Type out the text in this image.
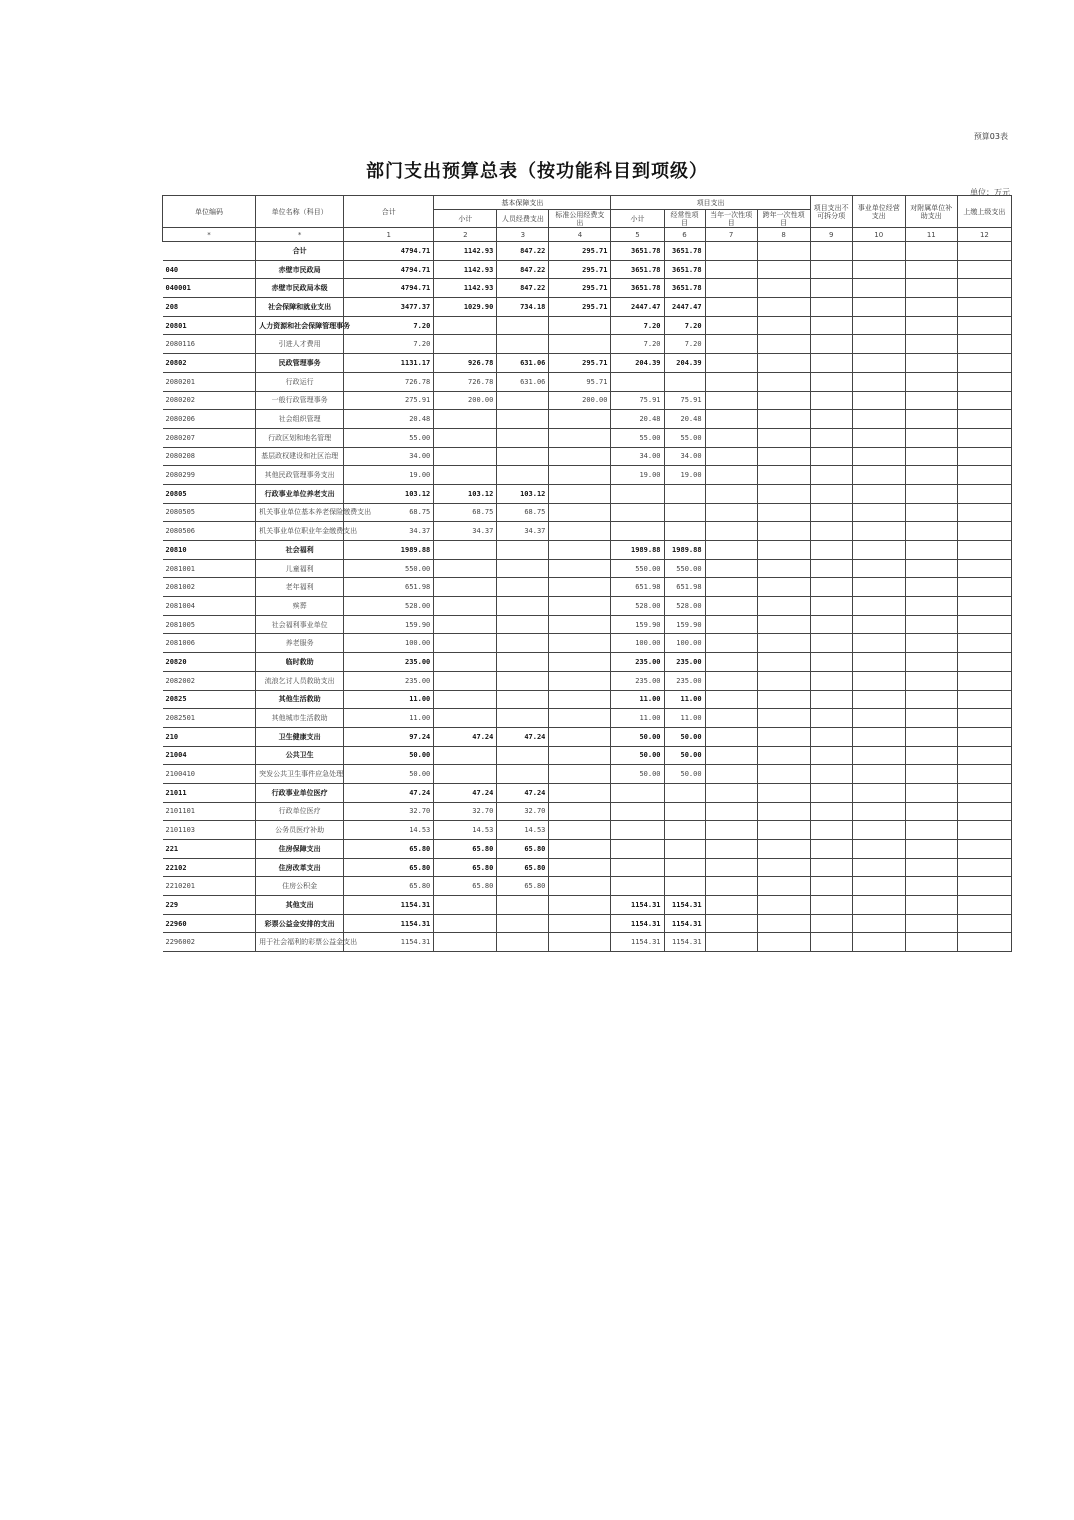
预算03表
部门支出预算总表（按功能科目到项级）
单位：万元
单位编码	单位名称（科目）	合计	基本保障支出			项目支出				项目支出不可拆分项	事业单位经营支出	对附属单位补助支出	上缴上级支出
			小计	人员经费支出	标准公用经费支出	小计	经常性项目	当年一次性项目	跨年一次性项目				
*	*	1	2	3	4	5	6	7	8	9	10	11	12
	合计	4794.71	1142.93	847.22	295.71	3651.78	3651.78						
040	赤壁市民政局	4794.71	1142.93	847.22	295.71	3651.78	3651.78						
040001	赤壁市民政局本级	4794.71	1142.93	847.22	295.71	3651.78	3651.78						
208	社会保障和就业支出	3477.37	1029.90	734.18	295.71	2447.47	2447.47						
20801	人力资源和社会保障管理事务	7.20				7.20	7.20						
2080116	引进人才费用	7.20				7.20	7.20						
20802	民政管理事务	1131.17	926.78	631.06	295.71	204.39	204.39						
2080201	行政运行	726.78	726.78	631.06	95.71								
2080202	一般行政管理事务	275.91	200.00		200.00	75.91	75.91						
2080206	社会组织管理	20.48				20.48	20.48						
2080207	行政区划和地名管理	55.00				55.00	55.00						
2080208	基层政权建设和社区治理	34.00				34.00	34.00						
2080299	其他民政管理事务支出	19.00				19.00	19.00						
20805	行政事业单位养老支出	103.12	103.12	103.12									
2080505	机关事业单位基本养老保险缴费支出	68.75	68.75	68.75									
2080506	机关事业单位职业年金缴费支出	34.37	34.37	34.37									
20810	社会福利	1989.88				1989.88	1989.88						
2081001	儿童福利	550.00				550.00	550.00						
2081002	老年福利	651.98				651.98	651.98						
2081004	殡葬	528.00				528.00	528.00						
2081005	社会福利事业单位	159.90				159.90	159.90						
2081006	养老服务	100.00				100.00	100.00						
20820	临时救助	235.00				235.00	235.00						
2082002	流浪乞讨人员救助支出	235.00				235.00	235.00						
20825	其他生活救助	11.00				11.00	11.00						
2082501	其他城市生活救助	11.00				11.00	11.00						
210	卫生健康支出	97.24	47.24	47.24		50.00	50.00						
21004	公共卫生	50.00				50.00	50.00						
2100410	突发公共卫生事件应急处理	50.00				50.00	50.00						
21011	行政事业单位医疗	47.24	47.24	47.24									
2101101	行政单位医疗	32.70	32.70	32.70									
2101103	公务员医疗补助	14.53	14.53	14.53									
221	住房保障支出	65.80	65.80	65.80									
22102	住房改革支出	65.80	65.80	65.80									
2210201	住房公积金	65.80	65.80	65.80									
229	其他支出	1154.31				1154.31	1154.31						
22960	彩票公益金安排的支出	1154.31				1154.31	1154.31						
2296002	用于社会福利的彩票公益金支出	1154.31				1154.31	1154.31						
